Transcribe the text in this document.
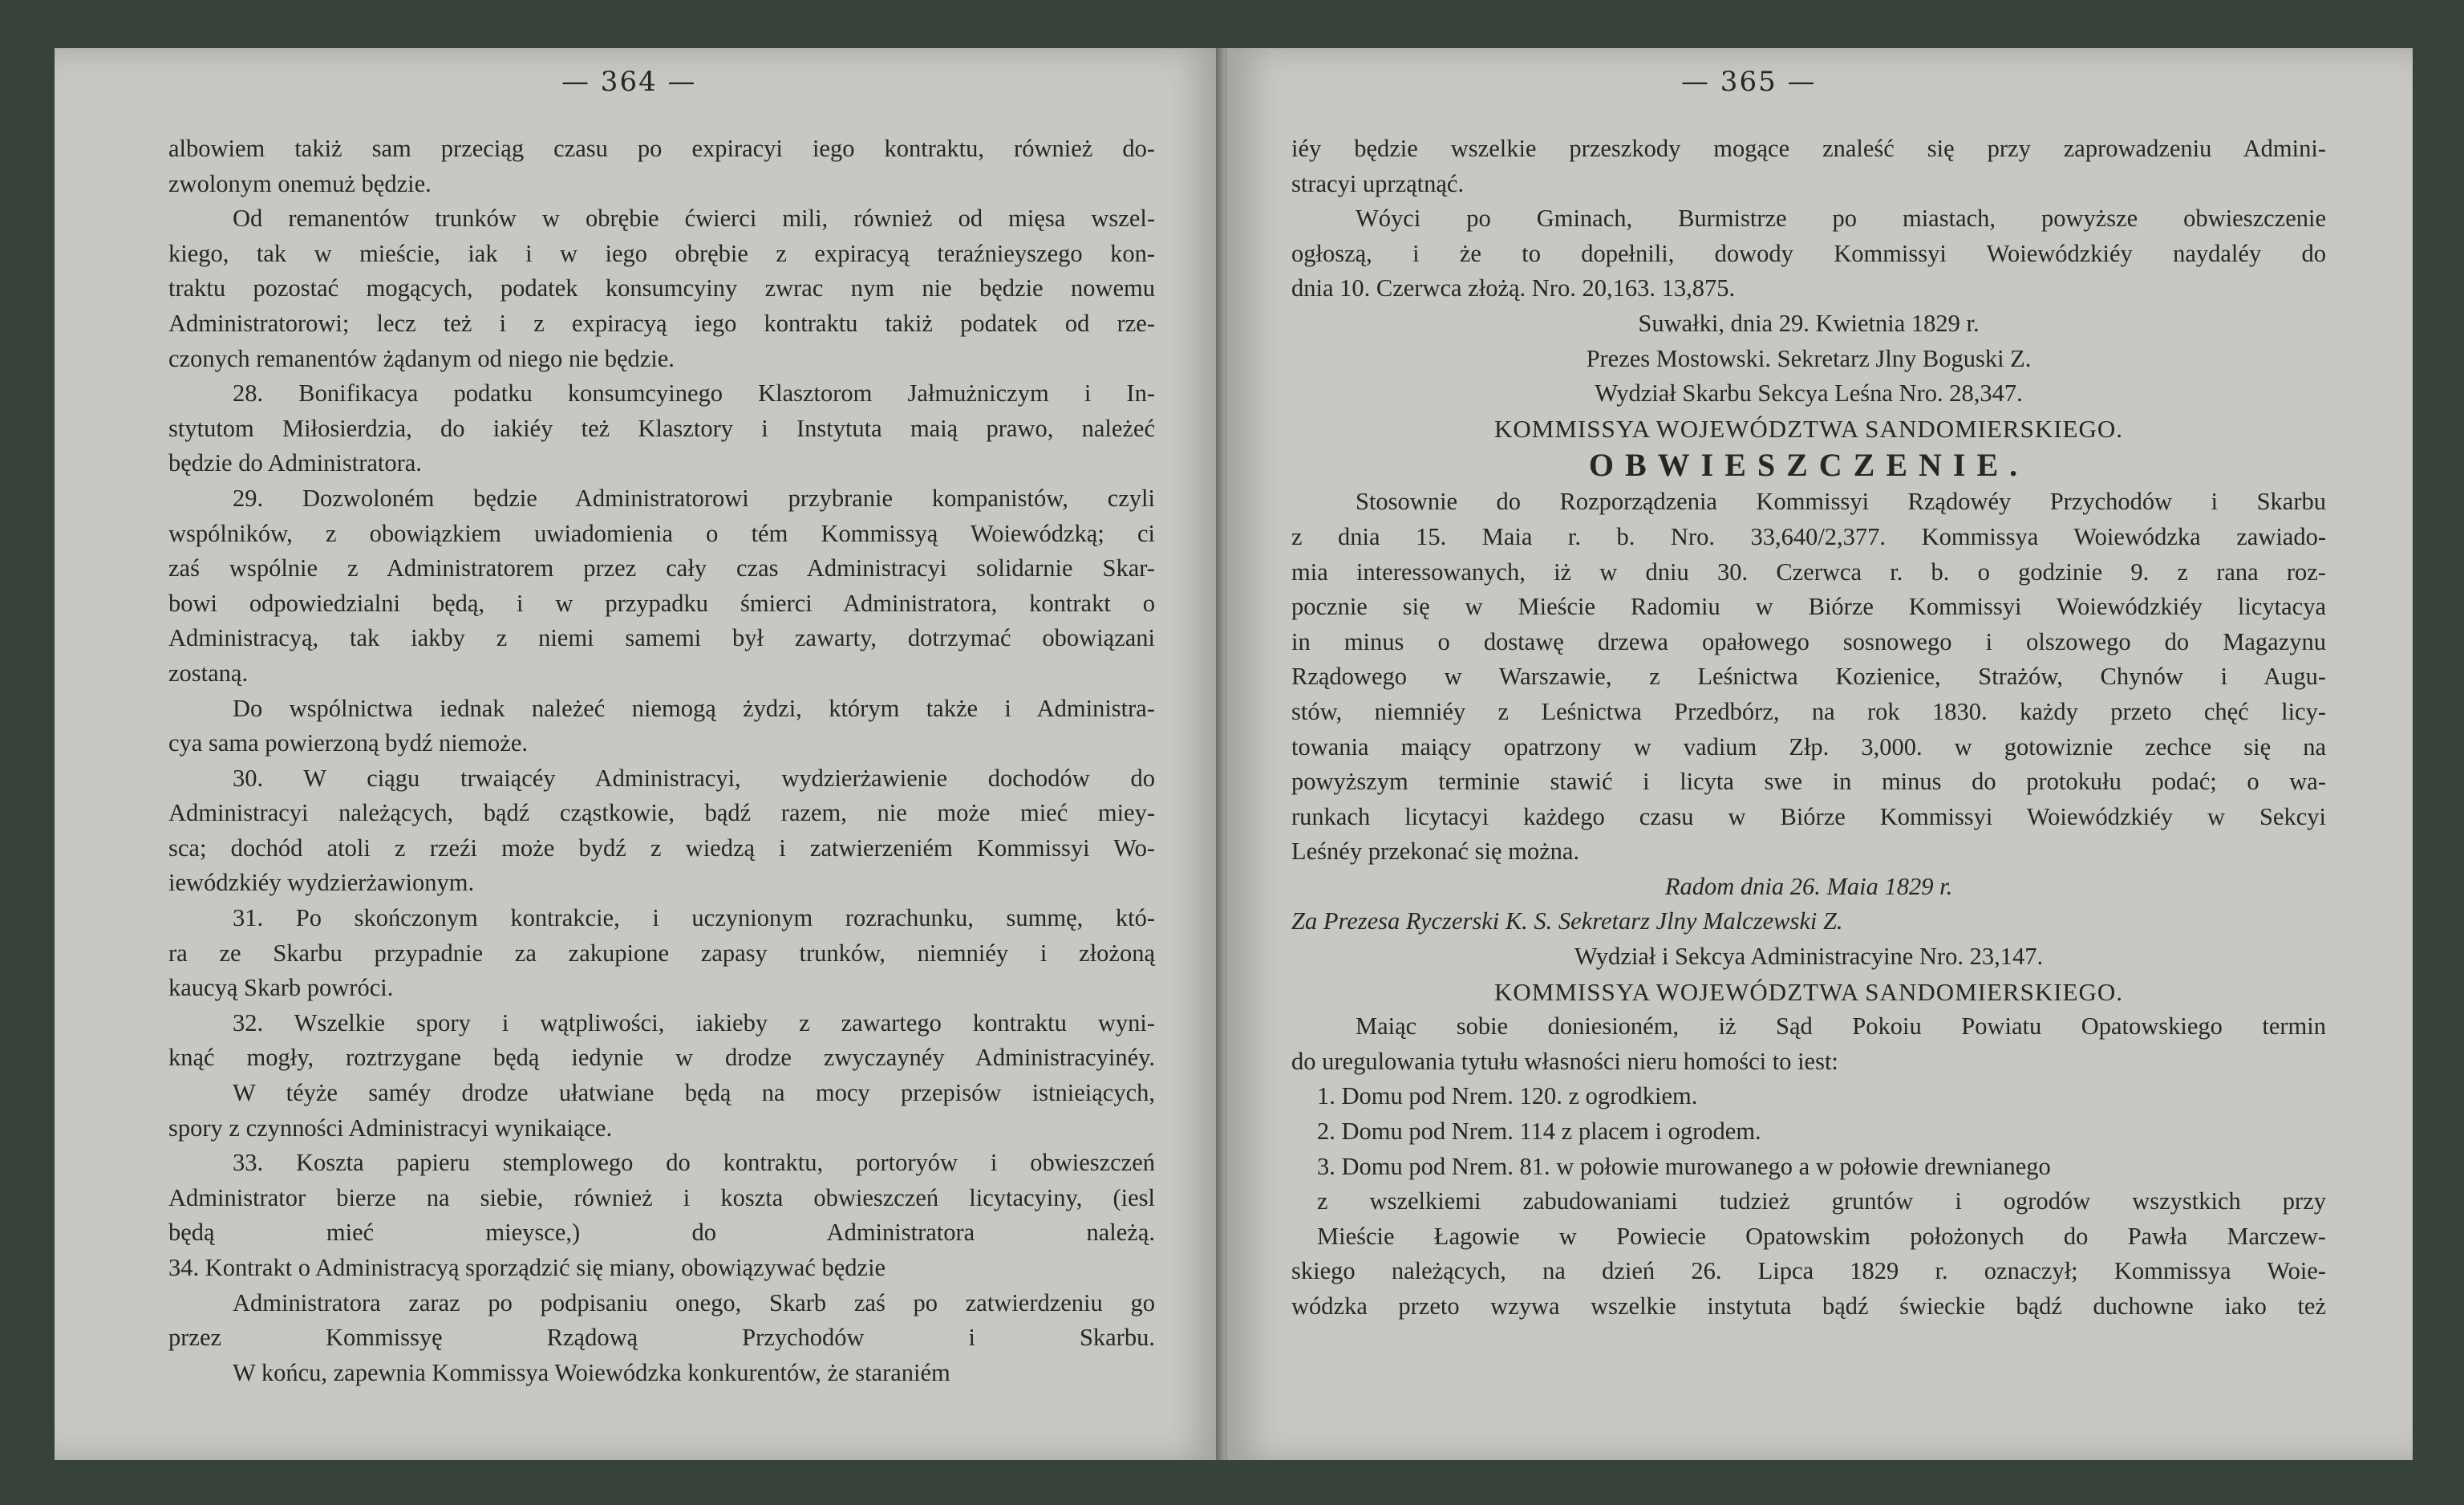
— 364 —
albowiem takiż sam przeciąg czasu po expiracyi iego kontraktu, również do-
zwolonym onemuż będzie.
Od remanentów trunków w obrębie ćwierci mili, również od mięsa wszel-
kiego, tak w mieście, iak i w iego obrębie z expiracyą teraźnieyszego kon-
traktu pozostać mogących, podatek konsumcyiny zwrac nym nie będzie nowemu
Administratorowi; lecz też i z expiracyą iego kontraktu takiż podatek od rze-
czonych remanentów żądanym od niego nie będzie.
28. Bonifikacya podatku konsumcyinego Klasztorom Jałmużniczym i In-
stytutom Miłosierdzia, do iakiéy też Klasztory i Instytuta maią prawo, należeć
będzie do Administratora.
29. Dozwoloném będzie Administratorowi przybranie kompanistów, czyli
wspólników, z obowiązkiem uwiadomienia o tém Kommissyą Woiewódzką; ci
zaś wspólnie z Administratorem przez cały czas Administracyi solidarnie Skar-
bowi odpowiedzialni będą, i w przypadku śmierci Administratora, kontrakt o
Administracyą, tak iakby z niemi samemi był zawarty, dotrzymać obowiązani
zostaną.
Do wspólnictwa iednak należeć niemogą żydzi, którym także i Administra-
cya sama powierzoną bydź niemoże.
30. W ciągu trwaiącéy Administracyi, wydzierżawienie dochodów do
Administracyi należących, bądź cząstkowie, bądź razem, nie może mieć miey-
sca; dochód atoli z rzeźi może bydź z wiedzą i zatwierzeniém Kommissyi Wo-
iewódzkiéy wydzierżawionym.
31. Po skończonym kontrakcie, i uczynionym rozrachunku, summę, któ-
ra ze Skarbu przypadnie za zakupione zapasy trunków, niemniéy i złożoną
kaucyą Skarb powróci.
32. Wszelkie spory i wątpliwości, iakieby z zawartego kontraktu wyni-
knąć mogły, roztrzygane będą iedynie w drodze zwyczaynéy Administracyinéy.
W téyże saméy drodze ułatwiane będą na mocy przepisów istnieiących,
spory z czynności Administracyi wynikaiące.
33. Koszta papieru stemplowego do kontraktu, portoryów i obwieszczeń
Administrator bierze na siebie, również i koszta obwieszczeń licytacyiny, (iesl
będą mieć mieysce,) do Administratora należą.
34. Kontrakt o Administracyą sporządzić się miany, obowiązywać będzie
Administratora zaraz po podpisaniu onego, Skarb zaś po zatwierdzeniu go
przez Kommissyę Rządową Przychodów i Skarbu.
W końcu, zapewnia Kommissya Woiewódzka konkurentów, że staraniém
— 365 —
iéy będzie wszelkie przeszkody mogące znaleść się przy zaprowadzeniu Admini-
stracyi uprzątnąć.
Wóyci po Gminach, Burmistrze po miastach, powyższe obwieszczenie
ogłoszą, i że to dopełnili, dowody Kommissyi Woiewódzkiéy naydaléy do
dnia 10. Czerwca złożą. Nro. 20,163. 13,875.
Suwałki, dnia 29. Kwietnia 1829 r.
Prezes Mostowski. Sekretarz Jlny Boguski Z.
Wydział Skarbu Sekcya Leśna Nro. 28,347.
KOMMISSYA WOJEWÓDZTWA SANDOMIERSKIEGO.
OBWIESZCZENIE.
Stosownie do Rozporządzenia Kommissyi Rządowéy Przychodów i Skarbu
z dnia 15. Maia r. b. Nro. 33,640/2,377. Kommissya Woiewódzka zawiado-
mia interessowanych, iż w dniu 30. Czerwca r. b. o godzinie 9. z rana roz-
pocznie się w Mieście Radomiu w Biórze Kommissyi Woiewódzkiéy licytacya
in minus o dostawę drzewa opałowego sosnowego i olszowego do Magazynu
Rządowego w Warszawie, z Leśnictwa Kozienice, Strażów, Chynów i Augu-
stów, niemniéy z Leśnictwa Przedbórz, na rok 1830. każdy przeto chęć licy-
towania maiący opatrzony w vadium Złp. 3,000. w gotowiznie zechce się na
powyższym terminie stawić i licyta swe in minus do protokułu podać; o wa-
runkach licytacyi każdego czasu w Biórze Kommissyi Woiewódzkiéy w Sekcyi
Leśnéy przekonać się można.
Radom dnia 26. Maia 1829 r.
Za Prezesa Ryczerski K. S. Sekretarz Jlny Malczewski Z.
Wydział i Sekcya Administracyine Nro. 23,147.
KOMMISSYA WOJEWÓDZTWA SANDOMIERSKIEGO.
Maiąc sobie doniesioném, iż Sąd Pokoiu Powiatu Opatowskiego termin
do uregulowania tytułu własności nieru homości to iest:
1. Domu pod Nrem. 120. z ogrodkiem.
2. Domu pod Nrem. 114 z placem i ogrodem.
3. Domu pod Nrem. 81. w połowie murowanego a w połowie drewnianego
z wszelkiemi zabudowaniami tudzież gruntów i ogrodów wszystkich przy
Mieście Łagowie w Powiecie Opatowskim położonych do Pawła Marczew-
skiego należących, na dzień 26. Lipca 1829 r. oznaczył; Kommissya Woie-
wódzka przeto wzywa wszelkie instytuta bądź świeckie bądź duchowne iako też
